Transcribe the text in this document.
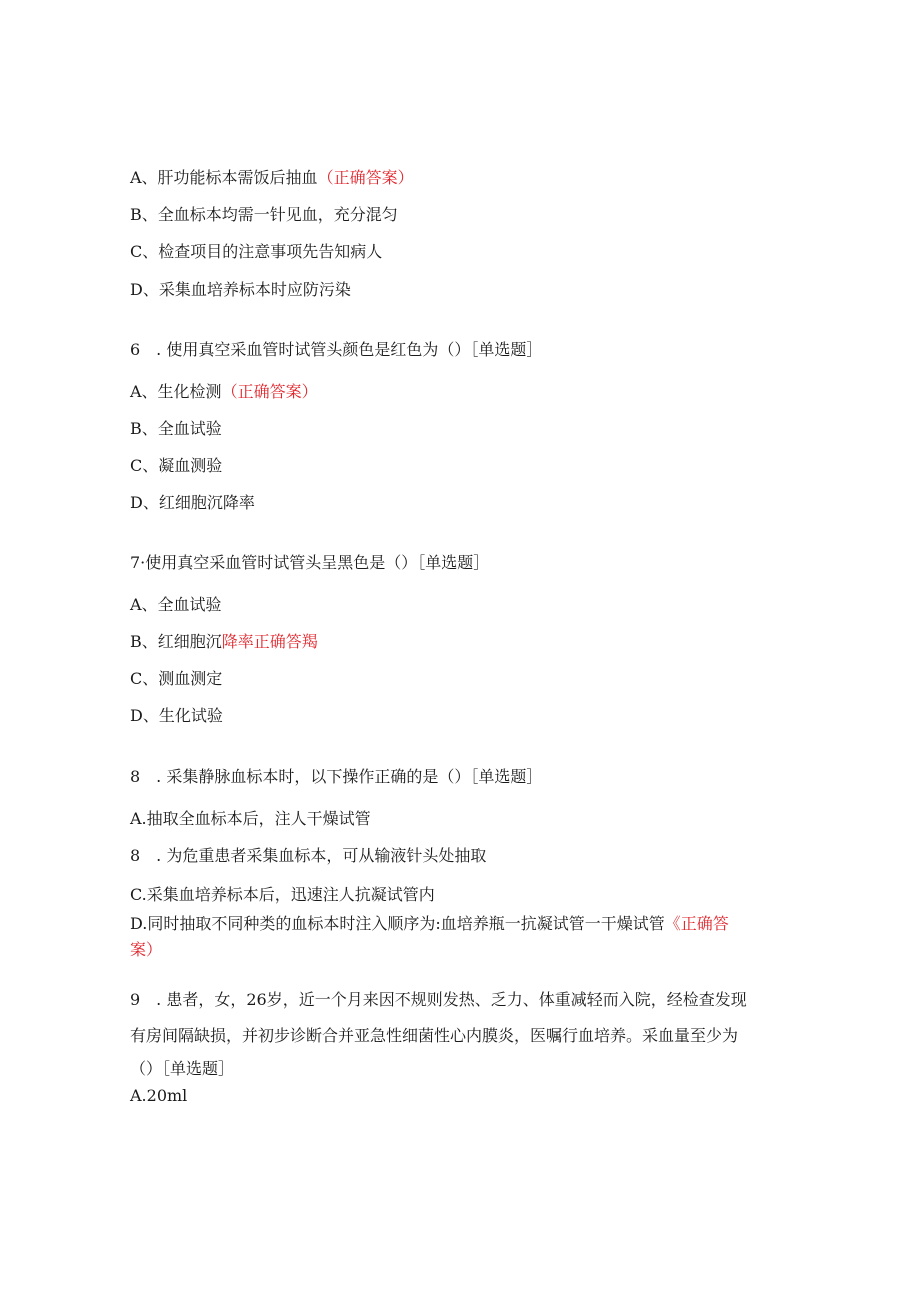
A、肝功能标本需饭后抽血（正确答案）
B、全血标本均需一针见血，充分混匀
C、检查项目的注意事项先告知病人
D、采集血培养标本时应防污染
6　. 使用真空采血管时试管头颜色是红色为（）［单选题］
A、生化检测（正确答案）
B、全血试验
C、凝血测验
D、红细胞沉降率
7·使用真空采血管时试管头呈黑色是（）［单选题］
A、全血试验
B、红细胞沉降率正确答羯
C、测血测定
D、生化试验
8　. 采集静脉血标本时，以下操作正确的是（）［单选题］
A.抽取全血标本后，注人干燥试管
8　. 为危重患者采集血标本，可从输液针头处抽取
C.采集血培养标本后，迅速注人抗凝试管内
D.同时抽取不同种类的血标本时注入顺序为:血培养瓶一抗凝试管一干燥试管《正确答
案）
9　. 患者，女，26岁，近一个月来因不规则发热、乏力、体重减轻而入院，经检查发现
有房间隔缺损，并初步诊断合并亚急性细菌性心内膜炎，医嘱行血培养。采血量至少为
（）［单选题］
A.20ml
